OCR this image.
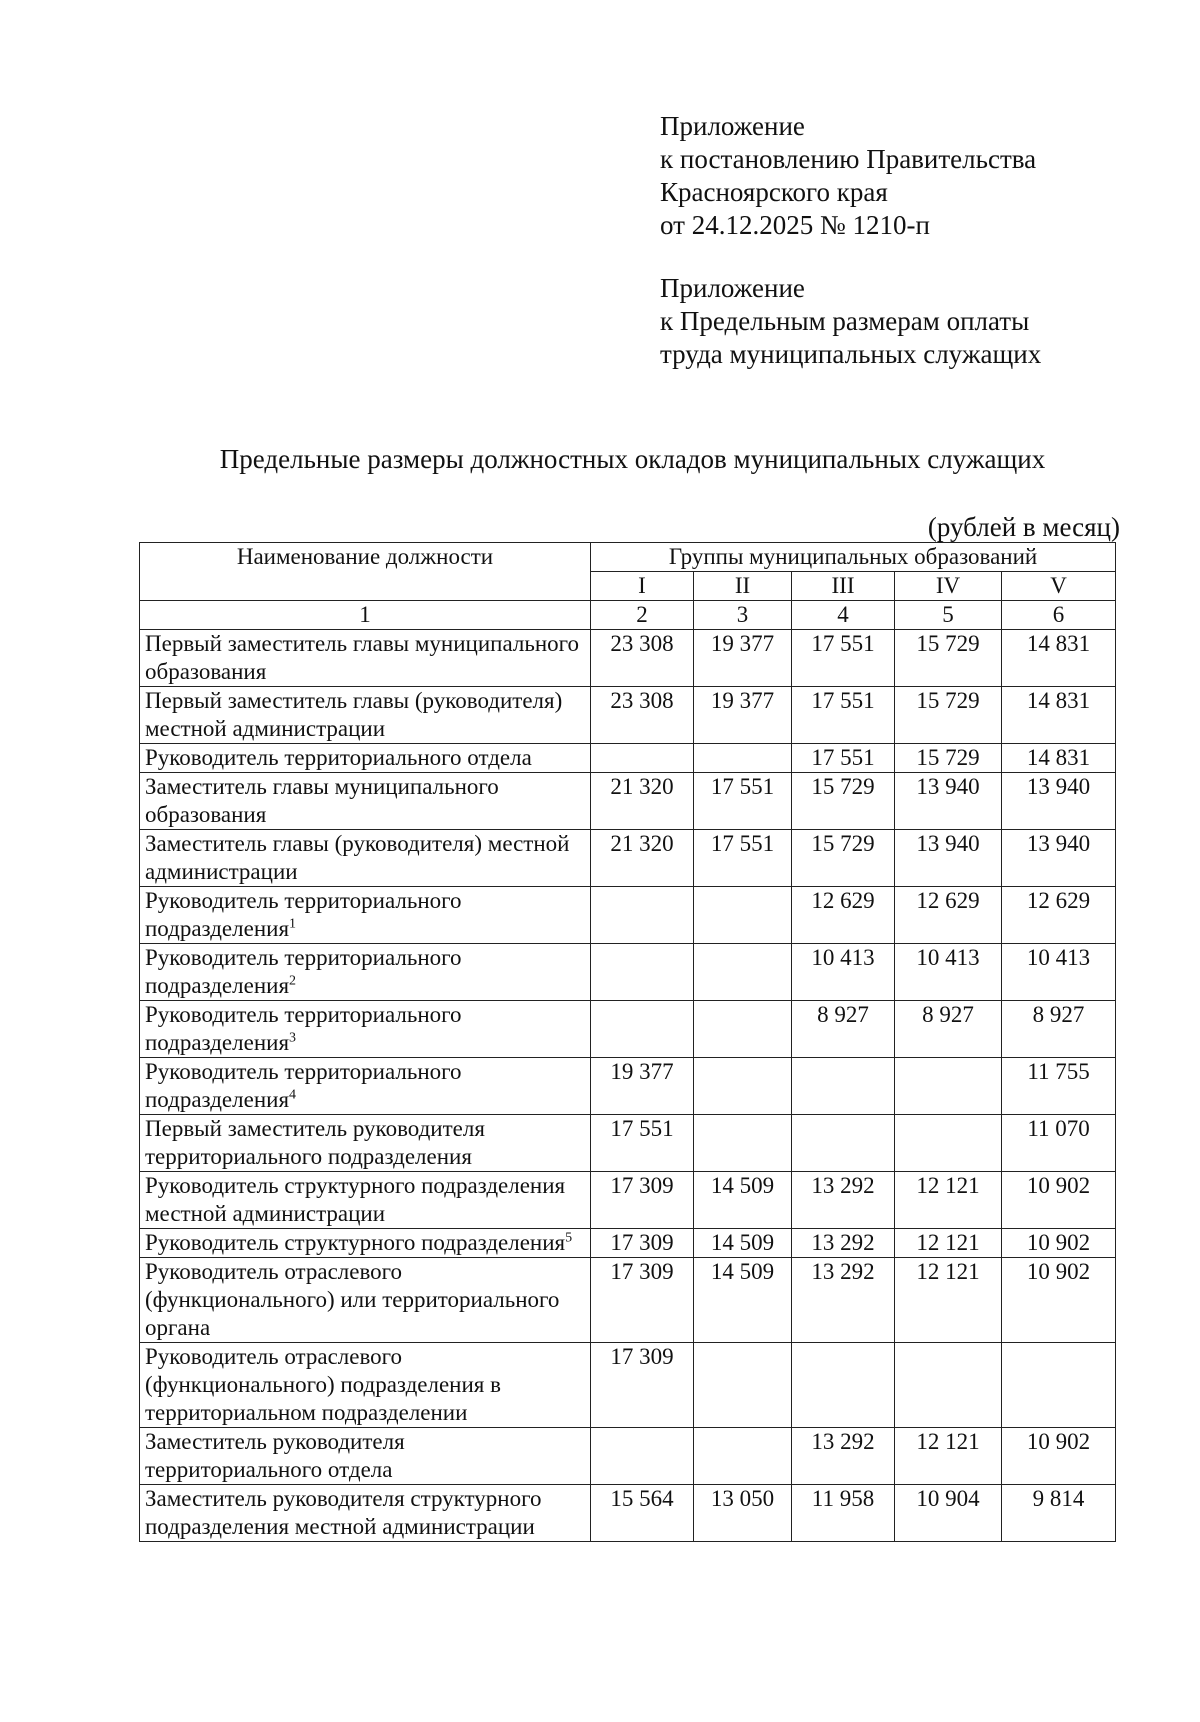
Приложение
к постановлению Правительства
Красноярского края
от 24.12.2025 № 1210-п
Приложение
к Предельным размерам оплаты
труда муниципальных служащих
Предельные размеры должностных окладов муниципальных служащих
(рублей в месяц)
Наименование должности	Группы муниципальных образований				
	I	II	III	IV	V
1	2	3	4	5	6
Первый заместитель главы муниципального образования	23 308	19 377	17 551	15 729	14 831
Первый заместитель главы (руководителя) местной администрации	23 308	19 377	17 551	15 729	14 831
Руководитель территориального отдела			17 551	15 729	14 831
Заместитель главы муниципального образования	21 320	17 551	15 729	13 940	13 940
Заместитель главы (руководителя) местной администрации	21 320	17 551	15 729	13 940	13 940
Руководитель территориального подразделения$^1$			12 629	12 629	12 629
Руководитель территориального подразделения$^2$			10 413	10 413	10 413
Руководитель территориального подразделения$^3$			8 927	8 927	8 927
Руководитель территориального подразделения$^4$	19 377				11 755
Первый заместитель руководителя территориального подразделения	17 551				11 070
Руководитель структурного подразделения местной администрации	17 309	14 509	13 292	12 121	10 902
Руководитель структурного подразделения$^5$	17 309	14 509	13 292	12 121	10 902
Руководитель отраслевого (функционального) или территориального органа	17 309	14 509	13 292	12 121	10 902
Руководитель отраслевого (функционального) подразделения в территориальном подразделении	17 309				
Заместитель руководителя территориального отдела			13 292	12 121	10 902
Заместитель руководителя структурного подразделения местной администрации	15 564	13 050	11 958	10 904	9 814
